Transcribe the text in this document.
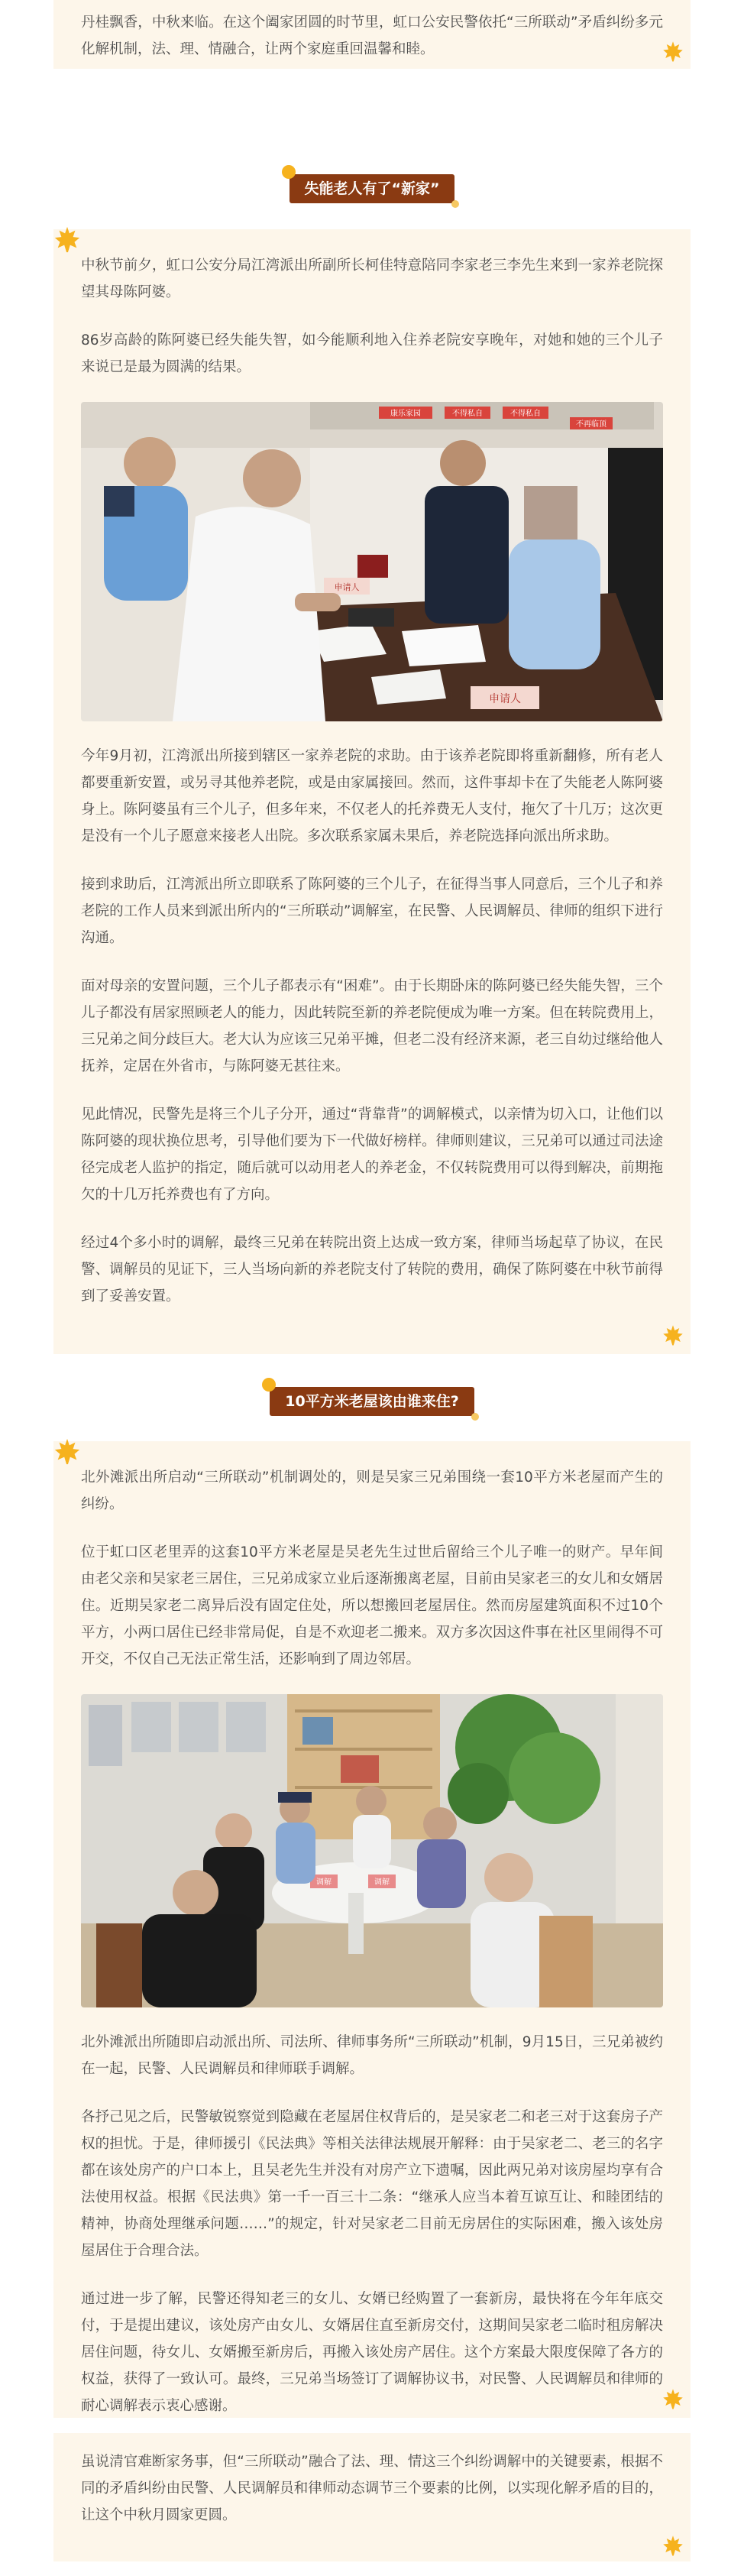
丹桂飘香，中秋来临。在这个阖家团圆的时节里，虹口公安民警依托“三所联动”矛盾纠纷多元化解机制，法、理、情融合，让两个家庭重回温馨和睦。

失能老人有了“新家”

中秋节前夕，虹口公安分局江湾派出所副所长柯佳特意陪同李家老三李先生来到一家养老院探望其母陈阿婆。

86岁高龄的陈阿婆已经失能失智，如今能顺利地入住养老院安享晚年，对她和她的三个儿子来说已是最为圆满的结果。

不再临顶
康乐家园	不得私自	不得私自
申请人
申请人

今年9月初，江湾派出所接到辖区一家养老院的求助。由于该养老院即将重新翻修，所有老人都要重新安置，或另寻其他养老院，或是由家属接回。然而，这件事却卡在了失能老人陈阿婆身上。陈阿婆虽有三个儿子，但多年来，不仅老人的托养费无人支付，拖欠了十几万；这次更是没有一个儿子愿意来接老人出院。多次联系家属未果后，养老院选择向派出所求助。

接到求助后，江湾派出所立即联系了陈阿婆的三个儿子，在征得当事人同意后，三个儿子和养老院的工作人员来到派出所内的“三所联动”调解室，在民警、人民调解员、律师的组织下进行沟通。

面对母亲的安置问题，三个儿子都表示有“困难”。由于长期卧床的陈阿婆已经失能失智，三个儿子都没有居家照顾老人的能力，因此转院至新的养老院便成为唯一方案。但在转院费用上，三兄弟之间分歧巨大。老大认为应该三兄弟平摊，但老二没有经济来源，老三自幼过继给他人抚养，定居在外省市，与陈阿婆无甚往来。

见此情况，民警先是将三个儿子分开，通过“背靠背”的调解模式，以亲情为切入口，让他们以陈阿婆的现状换位思考，引导他们要为下一代做好榜样。律师则建议，三兄弟可以通过司法途径完成老人监护的指定，随后就可以动用老人的养老金，不仅转院费用可以得到解决，前期拖欠的十几万托养费也有了方向。

经过4个多小时的调解，最终三兄弟在转院出资上达成一致方案，律师当场起草了协议，在民警、调解员的见证下，三人当场向新的养老院支付了转院的费用，确保了陈阿婆在中秋节前得到了妥善安置。

10平方米老屋该由谁来住?

北外滩派出所启动“三所联动”机制调处的，则是吴家三兄弟围绕一套10平方米老屋而产生的纠纷。

位于虹口区老里弄的这套10平方米老屋是吴老先生过世后留给三个儿子唯一的财产。早年间由老父亲和吴家老三居住，三兄弟成家立业后逐渐搬离老屋，目前由吴家老三的女儿和女婿居住。近期吴家老二离异后没有固定住处，所以想搬回老屋居住。然而房屋建筑面积不过10个平方，小两口居住已经非常局促，自是不欢迎老二搬来。双方多次因这件事在社区里闹得不可开交，不仅自己无法正常生活，还影响到了周边邻居。

调解	调解

北外滩派出所随即启动派出所、司法所、律师事务所“三所联动”机制，9月15日，三兄弟被约在一起，民警、人民调解员和律师联手调解。

各抒己见之后，民警敏锐察觉到隐藏在老屋居住权背后的，是吴家老二和老三对于这套房子产权的担忧。于是，律师援引《民法典》等相关法律法规展开解释：由于吴家老二、老三的名字都在该处房产的户口本上，且吴老先生并没有对房产立下遗嘱，因此两兄弟对该房屋均享有合法使用权益。根据《民法典》第一千一百三十二条：“继承人应当本着互谅互让、和睦团结的精神，协商处理继承问题……”的规定，针对吴家老二目前无房居住的实际困难，搬入该处房屋居住于合理合法。

通过进一步了解，民警还得知老三的女儿、女婿已经购置了一套新房，最快将在今年年底交付，于是提出建议，该处房产由女儿、女婿居住直至新房交付，这期间吴家老二临时租房解决居住问题，待女儿、女婿搬至新房后，再搬入该处房产居住。这个方案最大限度保障了各方的权益，获得了一致认可。最终，三兄弟当场签订了调解协议书，对民警、人民调解员和律师的耐心调解表示衷心感谢。

虽说清官难断家务事，但“三所联动”融合了法、理、情这三个纠纷调解中的关键要素，根据不同的矛盾纠纷由民警、人民调解员和律师动态调节三个要素的比例，以实现化解矛盾的目的，让这个中秋月圆家更圆。
